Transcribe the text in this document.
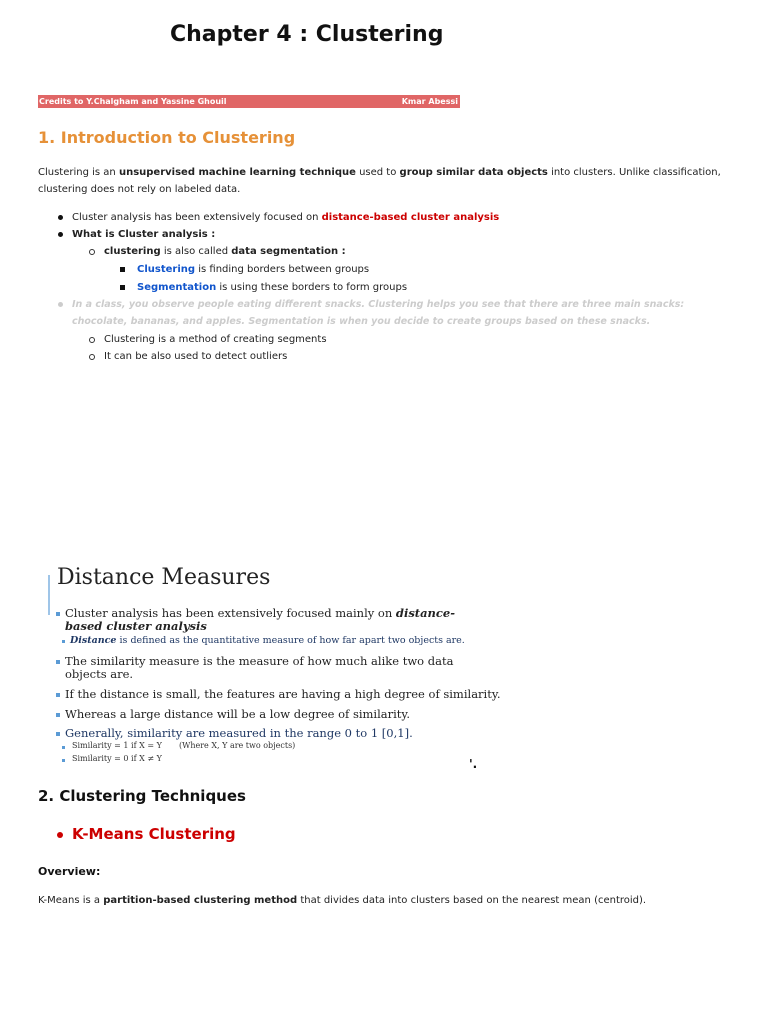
Chapter 4 : Clustering
Credits to Y.Chalgham and Yassine Ghouil	Kmar Abessi
1. Introduction to Clustering
Clustering is an unsupervised machine learning technique used to group similar data objects into clusters. Unlike classification, clustering does not rely on labeled data.
Cluster analysis has been extensively focused on distance-based cluster analysis
What is Cluster analysis :
clustering is also called data segmentation :
Clustering is finding borders between groups
Segmentation is using these borders to form groups
In a class, you observe people eating different snacks. Clustering helps you see that there are three main snacks: chocolate, bananas, and apples. Segmentation is when you decide to create groups based on these snacks.
Clustering is a method of creating segments
It can be also used to detect outliers
Distance Measures
Cluster analysis has been extensively focused mainly on distance-based cluster analysis
Distance is defined as the quantitative measure of how far apart two objects are.
The similarity measure is the measure of how much alike two data objects are.
If the distance is small, the features are having a high degree of similarity.
Whereas a large distance will be a low degree of similarity.
Generally, similarity are measured in the range 0 to 1 [0,1].
Similarity = 1 if X = Y (Where X, Y are two objects)
Similarity = 0 if X ≠ Y	'.
2. Clustering Techniques
K-Means Clustering
Overview:
K-Means is a partition-based clustering method that divides data into clusters based on the nearest mean (centroid).
